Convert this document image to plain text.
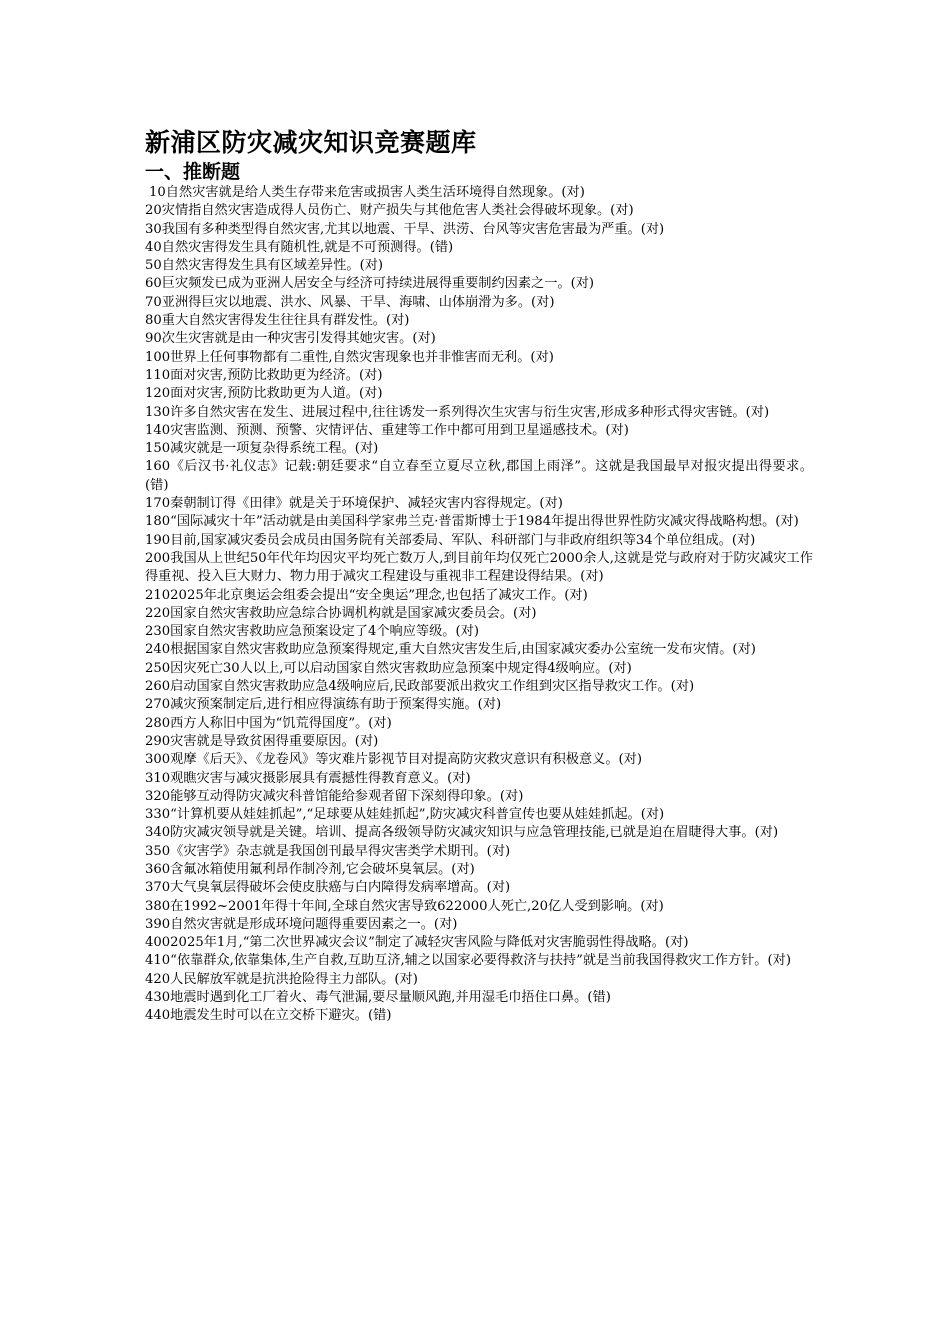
新浦区防灾减灾知识竞赛题库
一、推断题

10自然灾害就是给人类生存带来危害或损害人类生活环境得自然现象。(对)

20灾情指自然灾害造成得人员伤亡、财产损失与其他危害人类社会得破坏现象。(对)

30我国有多种类型得自然灾害,尤其以地震、干旱、洪涝、台风等灾害危害最为严重。(对)

40自然灾害得发生具有随机性,就是不可预测得。(错)

50自然灾害得发生具有区域差异性。(对)

60巨灾频发已成为亚洲人居安全与经济可持续进展得重要制约因素之一。(对)

70亚洲得巨灾以地震、洪水、风暴、干旱、海啸、山体崩滑为多。(对)

80重大自然灾害得发生往往具有群发性。(对)

90次生灾害就是由一种灾害引发得其她灾害。(对)

100世界上任何事物都有二重性,自然灾害现象也并非惟害而无利。(对)

110面对灾害,预防比救助更为经济。(对)

120面对灾害,预防比救助更为人道。(对)

130许多自然灾害在发生、进展过程中,往往诱发一系列得次生灾害与衍生灾害,形成多种形式得灾害链。(对)

140灾害监测、预测、预警、灾情评估、重建等工作中都可用到卫星遥感技术。(对)

150减灾就是一项复杂得系统工程。(对)

160《后汉书·礼仪志》记载:朝廷要求“自立春至立夏尽立秋,郡国上雨泽”。这就是我国最早对报灾提出得要求。(错)

170秦朝制订得《田律》就是关于环境保护、减轻灾害内容得规定。(对)

180“国际减灾十年”活动就是由美国科学家弗兰克·普雷斯博士于1984年提出得世界性防灾减灾得战略构想。(对)

190目前,国家减灾委员会成员由国务院有关部委局、军队、科研部门与非政府组织等34个单位组成。(对)

200我国从上世纪50年代年均因灾平均死亡数万人,到目前年均仅死亡2000余人,这就是党与政府对于防灾减灾工作得重视、投入巨大财力、物力用于减灾工程建设与重视非工程建设得结果。(对)

2102025年北京奥运会组委会提出“安全奥运”理念,也包括了减灾工作。(对)

220国家自然灾害救助应急综合协调机构就是国家减灾委员会。(对)

230国家自然灾害救助应急预案设定了4个响应等级。(对)

240根据国家自然灾害救助应急预案得规定,重大自然灾害发生后,由国家减灾委办公室统一发布灾情。(对)

250因灾死亡30人以上,可以启动国家自然灾害救助应急预案中规定得4级响应。(对)

260启动国家自然灾害救助应急4级响应后,民政部要派出救灾工作组到灾区指导救灾工作。(对)

270减灾预案制定后,进行相应得演练有助于预案得实施。(对)

280西方人称旧中国为“饥荒得国度”。(对)

290灾害就是导致贫困得重要原因。(对)

300观摩《后天》、《龙卷风》等灾难片影视节目对提高防灾救灾意识有积极意义。(对)

310观瞧灾害与减灾摄影展具有震撼性得教育意义。(对)

320能够互动得防灾减灾科普馆能给参观者留下深刻得印象。(对)

330“计算机要从娃娃抓起”,“足球要从娃娃抓起”,防灾减灾科普宣传也要从娃娃抓起。(对)

340防灾减灾领导就是关键。培训、提高各级领导防灾减灾知识与应急管理技能,已就是迫在眉睫得大事。(对)

350《灾害学》杂志就是我国创刊最早得灾害类学术期刊。(对)

360含氟冰箱使用氟利昂作制冷剂,它会破坏臭氧层。(对)

370大气臭氧层得破坏会使皮肤癌与白内障得发病率增高。(对)

380在1992~2001年得十年间,全球自然灾害导致622000人死亡,20亿人受到影响。(对)

390自然灾害就是形成环境问题得重要因素之一。(对)

4002025年1月,“第二次世界减灾会议”制定了减轻灾害风险与降低对灾害脆弱性得战略。(对)

410“依靠群众,依靠集体,生产自救,互助互济,辅之以国家必要得救济与扶持”就是当前我国得救灾工作方针。(对)

420人民解放军就是抗洪抢险得主力部队。(对)

430地震时遇到化工厂着火、毒气泄漏,要尽量顺风跑,并用湿毛巾捂住口鼻。(错)

440地震发生时可以在立交桥下避灾。(错)
